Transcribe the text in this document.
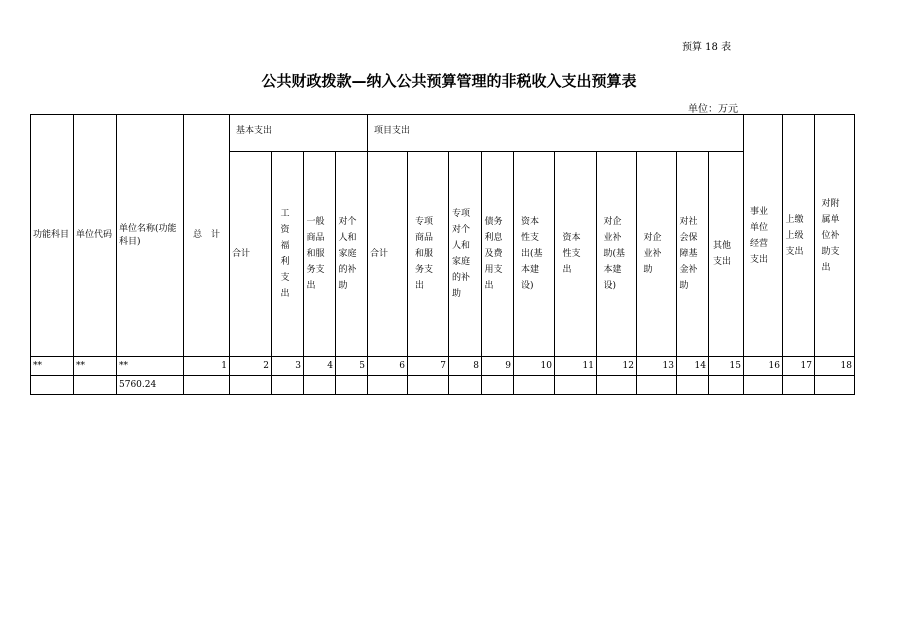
预算 18 表
公共财政拨款—纳入公共预算管理的非税收入支出预算表
单位：万元
功能科目	单位代码	单位名称(功能科目)	总　计	基本支出				项目支出										事业单位经营支出	上缴上级支出	对附属单位补助支出

				合计	工资福利支出	一般商品和服务支出	对个人和家庭的补助	合计	专项商品和服务支出	专项对个人和家庭的补助	债务利息及费用支出	资本性支出(基本建设)	资本性支出	对企业补助(基本建设)	对企业补助	对社会保障基金补助	其他支出			

**	**	**	1	2	3	4	5	6	7	8	9	10	11	12	13	14	15	16	17	18
		5760.24																		
